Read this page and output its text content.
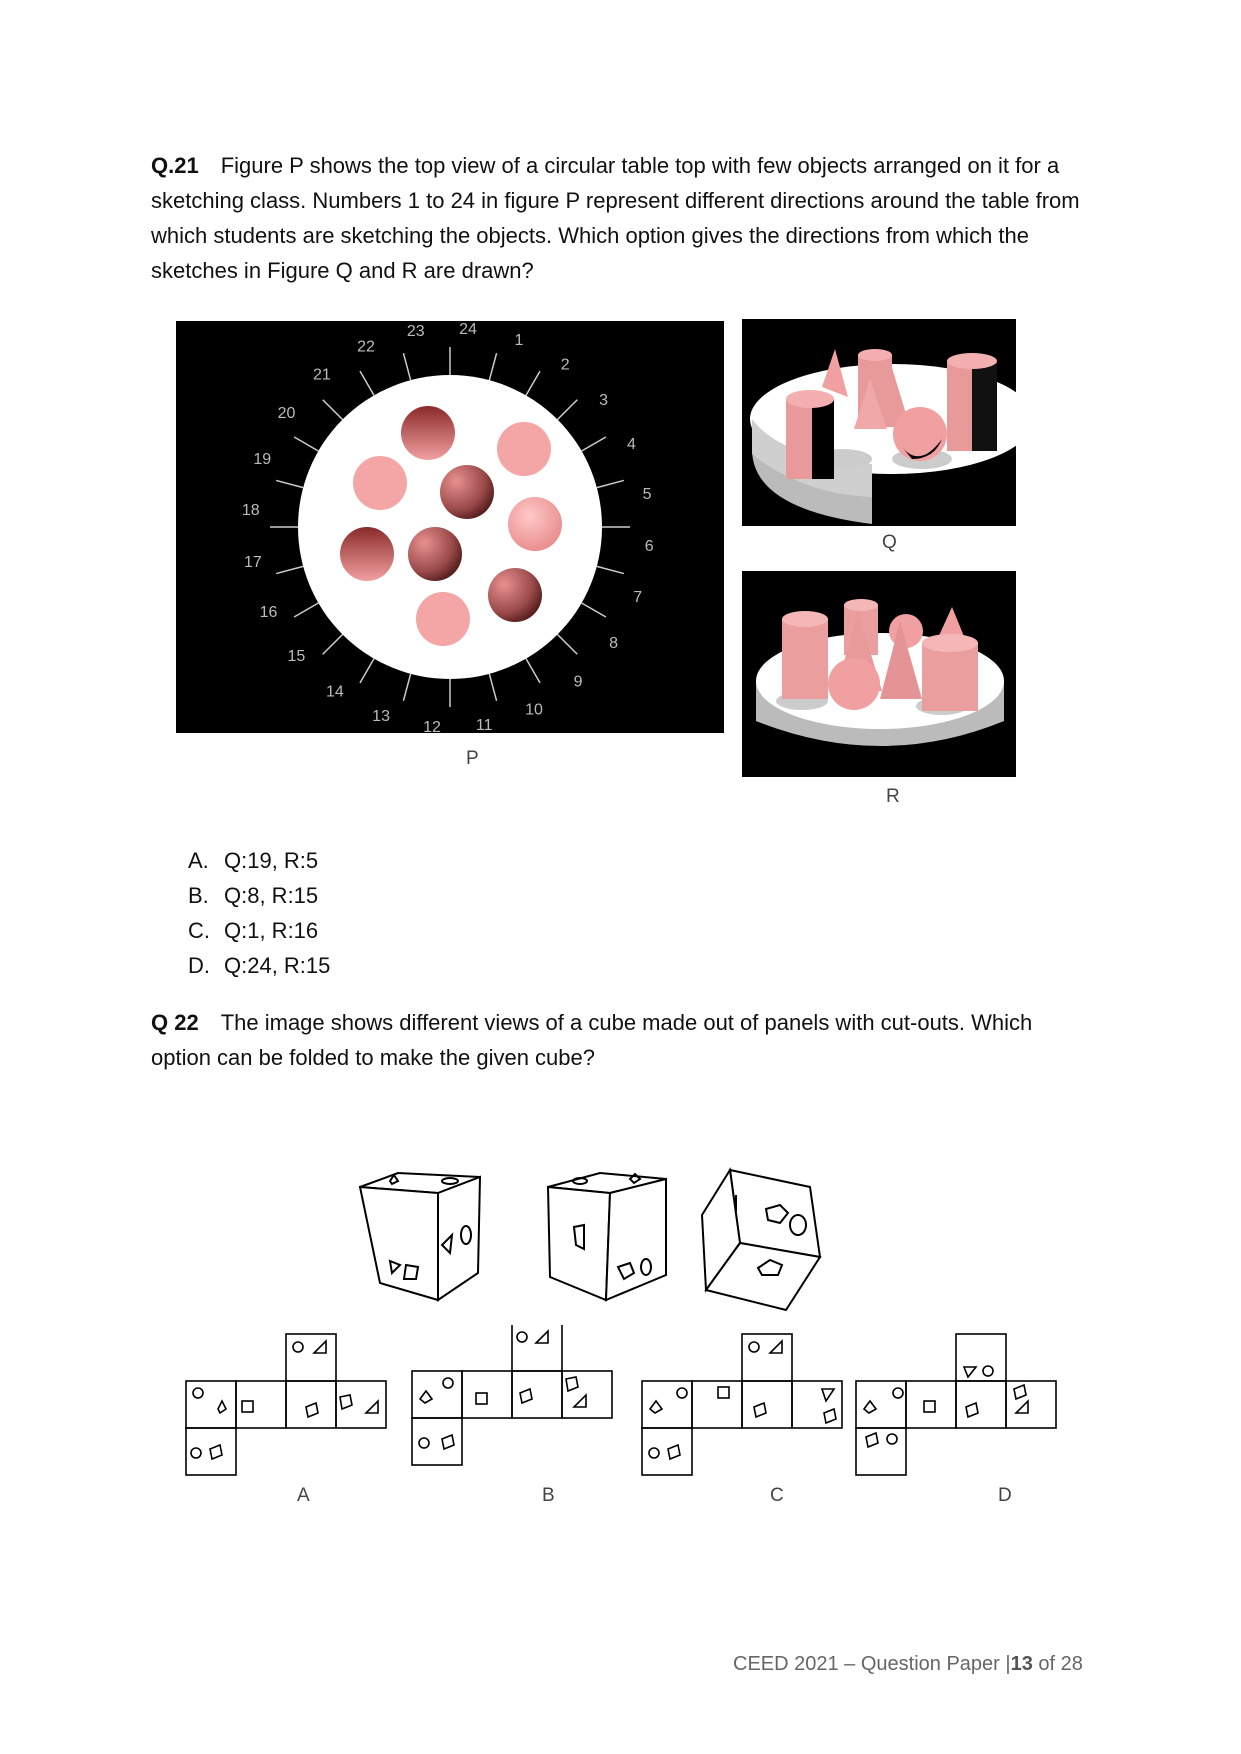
Q.21 Figure P shows the top view of a circular table top with few objects arranged on it for a sketching class. Numbers 1 to 24 in figure P represent different directions around the table from which students are sketching the objects. Which option gives the directions from which the sketches in Figure Q and R are drawn?

24
1
2
3
4
5
6
7
8
9
10
11
12
13
14
15
16
17
18
19
20
21
22
23
P
Q
R
A. Q:19, R:5
B. Q:8, R:15
C. Q:1, R:16
D. Q:24, R:15

Q 22 The image shows different views of a cube made out of panels with cut-outs. Which option can be folded to make the given cube?

A	B	C	D
CEED 2021 – Question Paper |13 of 28
